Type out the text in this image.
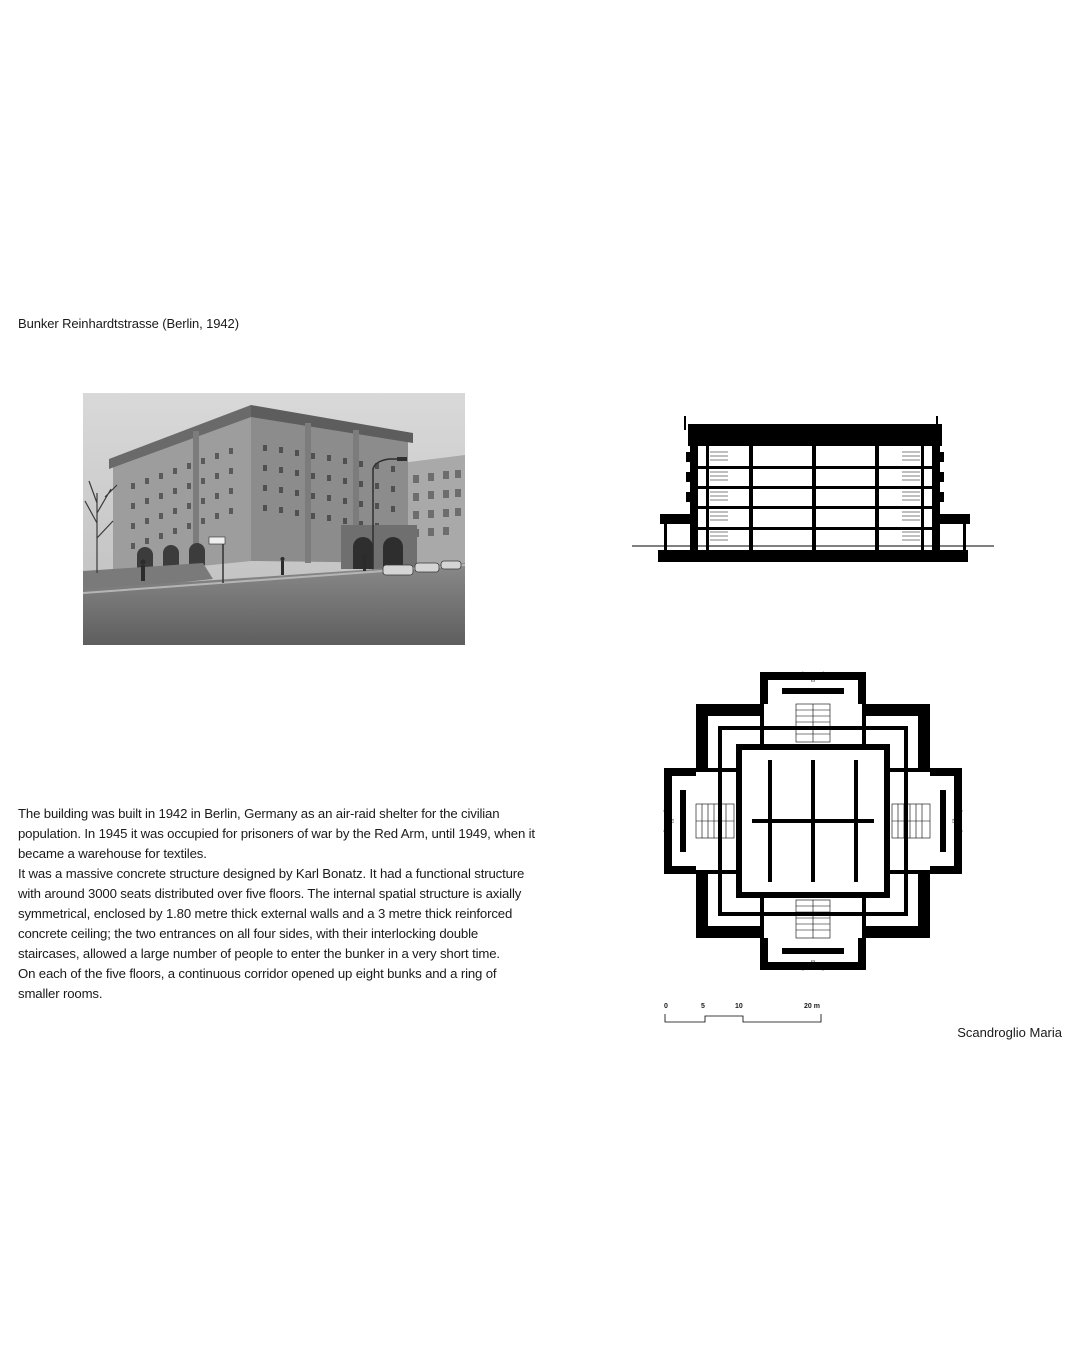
Bunker Reinhardtstrasse (Berlin, 1942)
0	5	10	20 m

The building was built in 1942 in Berlin, Germany as an air-raid shelter for the civilian population. In 1945 it was occupied for prisoners of war by the Red Arm, until 1949, when it became a warehouse for textiles.

It was a massive concrete structure designed by Karl Bonatz. It had a functional structure with around 3000 seats distributed over five floors. The internal spatial structure is axially symmetrical, enclosed by 1.80 metre thick external walls and a 3 metre thick reinforced concrete ceiling; the two entrances on all four sides, with their interlocking double staircases, allowed a large number of people to enter the bunker in a very short time.

On each of the five floors, a continuous corridor opened up eight bunks and a ring of smaller rooms.

Scandroglio Maria
